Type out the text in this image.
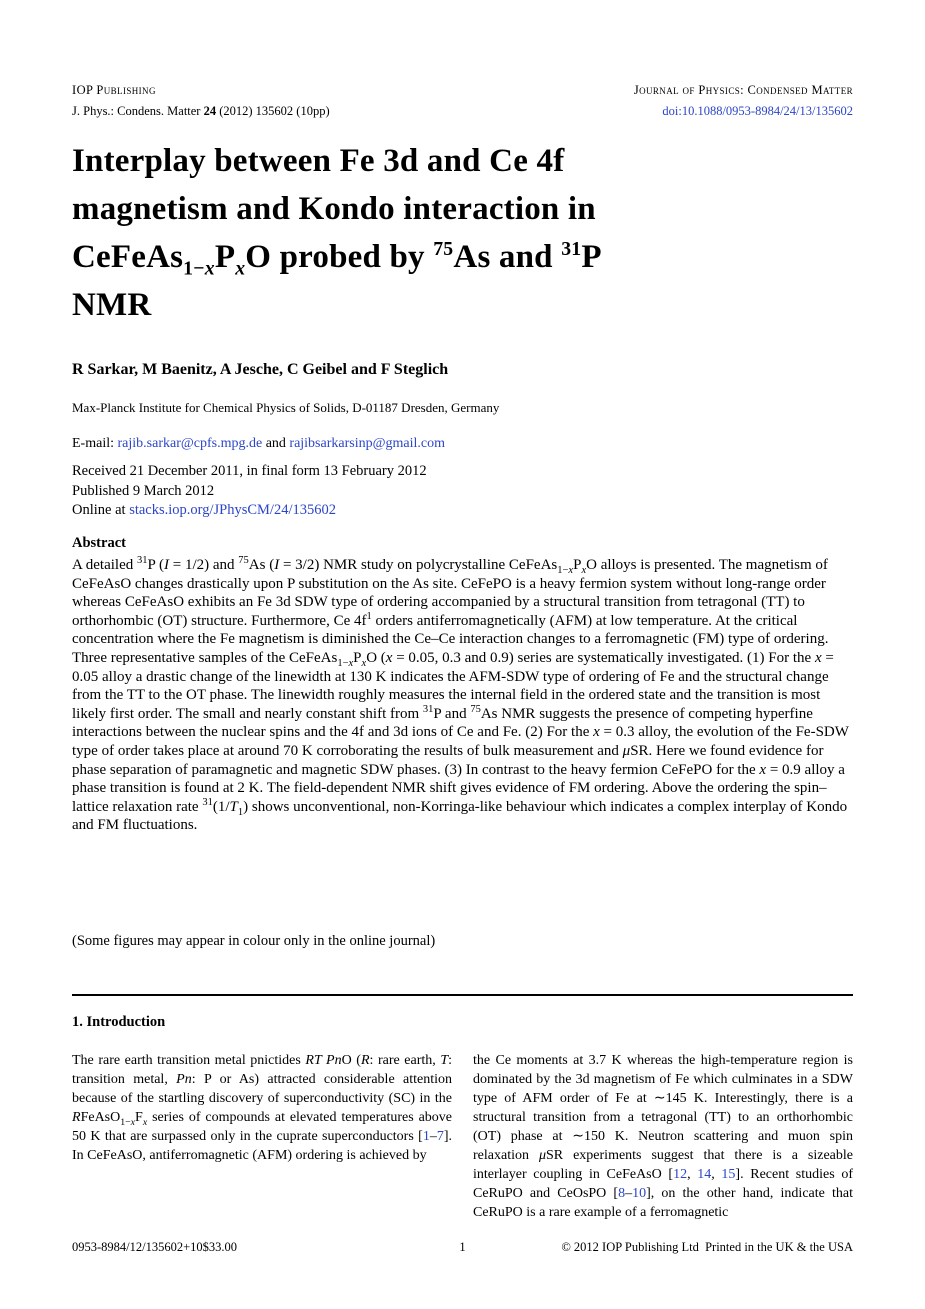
IOP Publishing	Journal of Physics: Condensed Matter
J. Phys.: Condens. Matter 24 (2012) 135602 (10pp)	doi:10.1088/0953-8984/24/13/135602
Interplay between Fe 3d and Ce 4f
magnetism and Kondo interaction in
$CeFeAs_{1-x}P_xO$ probed by $^{75}$As and $^{31}$P
NMR
R Sarkar, M Baenitz, A Jesche, C Geibel and F Steglich
Max-Planck Institute for Chemical Physics of Solids, D-01187 Dresden, Germany
E-mail: rajib.sarkar@cpfs.mpg.de and rajibsarkarsinp@gmail.com
Received 21 December 2011, in final form 13 February 2012
Published 9 March 2012
Online at stacks.iop.org/JPhysCM/24/135602
Abstract
A detailed $^{31}$P (I = 1/2) and $^{75}$As (I = 3/2) NMR study on polycrystalline $CeFeAs_{1-x}P_xO$ alloys is presented. The magnetism of CeFeAsO changes drastically upon P substitution on the As site. CeFePO is a heavy fermion system without long-range order whereas CeFeAsO exhibits an Fe 3d SDW type of ordering accompanied by a structural transition from tetragonal (TT) to orthorhombic (OT) structure. Furthermore, Ce $4f^1$ orders antiferromagnetically (AFM) at low temperature. At the critical concentration where the Fe magnetism is diminished the Ce–Ce interaction changes to a ferromagnetic (FM) type of ordering. Three representative samples of the $CeFeAs_{1-x}P_xO$ (x = 0.05, 0.3 and 0.9) series are systematically investigated. (1) For the x = 0.05 alloy a drastic change of the linewidth at 130 K indicates the AFM-SDW type of ordering of Fe and the structural change from the TT to the OT phase. The linewidth roughly measures the internal field in the ordered state and the transition is most likely first order. The small and nearly constant shift from $^{31}$P and $^{75}$As NMR suggests the presence of competing hyperfine interactions between the nuclear spins and the 4f and 3d ions of Ce and Fe. (2) For the x = 0.3 alloy, the evolution of the Fe-SDW type of order takes place at around 70 K corroborating the results of bulk measurement and μSR. Here we found evidence for phase separation of paramagnetic and magnetic SDW phases. (3) In contrast to the heavy fermion CeFePO for the x = 0.9 alloy a phase transition is found at 2 K. The field-dependent NMR shift gives evidence of FM ordering. Above the ordering the spin–lattice relaxation rate $^{31}(1/T_1)$ shows unconventional, non-Korringa-like behaviour which indicates a complex interplay of Kondo and FM fluctuations.
(Some figures may appear in colour only in the online journal)
1. Introduction
The rare earth transition metal pnictides RT PnO (R: rare earth, T: transition metal, Pn: P or As) attracted considerable attention because of the startling discovery of superconductivity (SC) in the $RFeAsO_{1-x}F_x$ series of compounds at elevated temperatures above 50 K that are surpassed only in the cuprate superconductors [1–7]. In CeFeAsO, antiferromagnetic (AFM) ordering is achieved by
the Ce moments at 3.7 K whereas the high-temperature region is dominated by the 3d magnetism of Fe which culminates in a SDW type of AFM order of Fe at ∼145 K. Interestingly, there is a structural transition from a tetragonal (TT) to an orthorhombic (OT) phase at ∼150 K. Neutron scattering and muon spin relaxation μSR experiments suggest that there is a sizeable interlayer coupling in CeFeAsO [12, 14, 15]. Recent studies of CeRuPO and CeOsPO [8–10], on the other hand, indicate that CeRuPO is a rare example of a ferromagnetic
0953-8984/12/135602+10$33.00	1	© 2012 IOP Publishing Ltd  Printed in the UK & the USA
